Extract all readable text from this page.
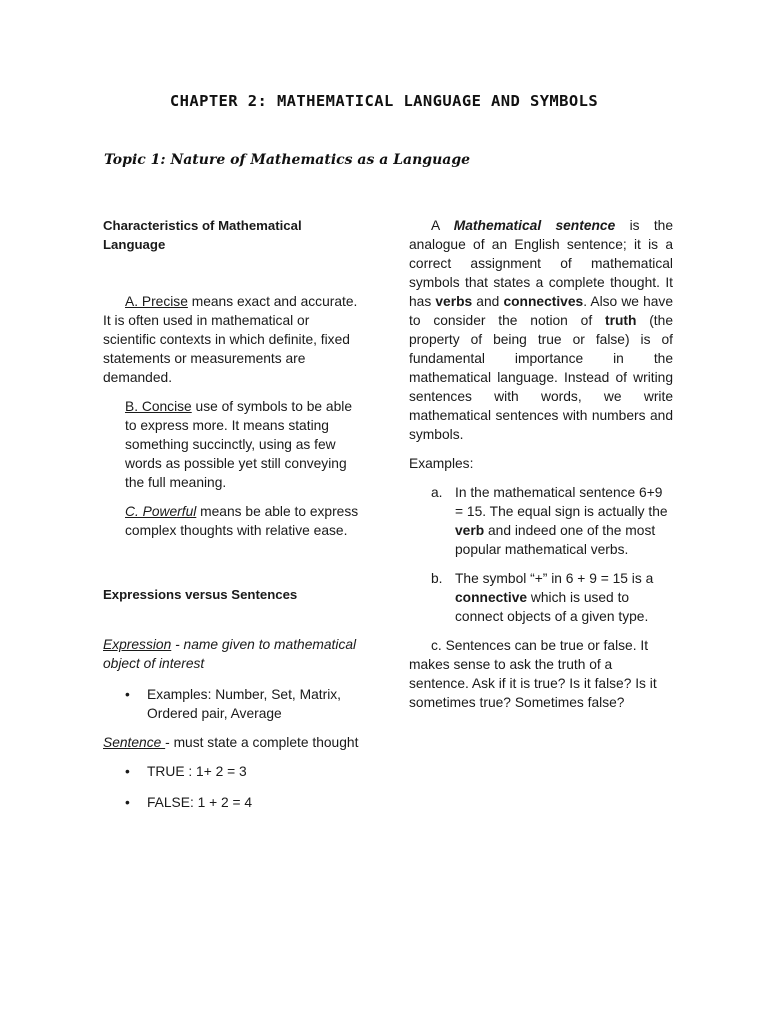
CHAPTER 2: MATHEMATICAL LANGUAGE AND SYMBOLS
Topic 1: Nature of Mathematics as a Language

Characteristics of Mathematical Language

A. Precise means exact and accurate. It is often used in mathematical or scientific contexts in which definite, fixed statements or measurements are demanded.

B. Concise use of symbols to be able to express more. It means stating something succinctly, using as few words as possible yet still conveying the full meaning.

C. Powerful means be able to express complex thoughts with relative ease.

Expressions versus Sentences

Expression - name given to mathematical object of interest

•	Examples: Number, Set, Matrix, Ordered pair, Average

Sentence - must state a complete thought

•	TRUE : 1+ 2 = 3
•	FALSE: 1 + 2 = 4

A Mathematical sentence is the analogue of an English sentence; it is a correct assignment of mathematical symbols that states a complete thought. It has verbs and connectives. Also we have to consider the notion of truth (the property of being true or false) is of fundamental importance in the mathematical language. Instead of writing sentences with words, we write mathematical sentences with numbers and symbols.

Examples:

a. In the mathematical sentence 6+9 = 15. The equal sign is actually the verb and indeed one of the most popular mathematical verbs.
b. The symbol “+” in 6 + 9 = 15 is a connective which is used to connect objects of a given type.

c. Sentences can be true or false. It makes sense to ask the truth of a sentence. Ask if it is true? Is it false? Is it sometimes true? Sometimes false?
